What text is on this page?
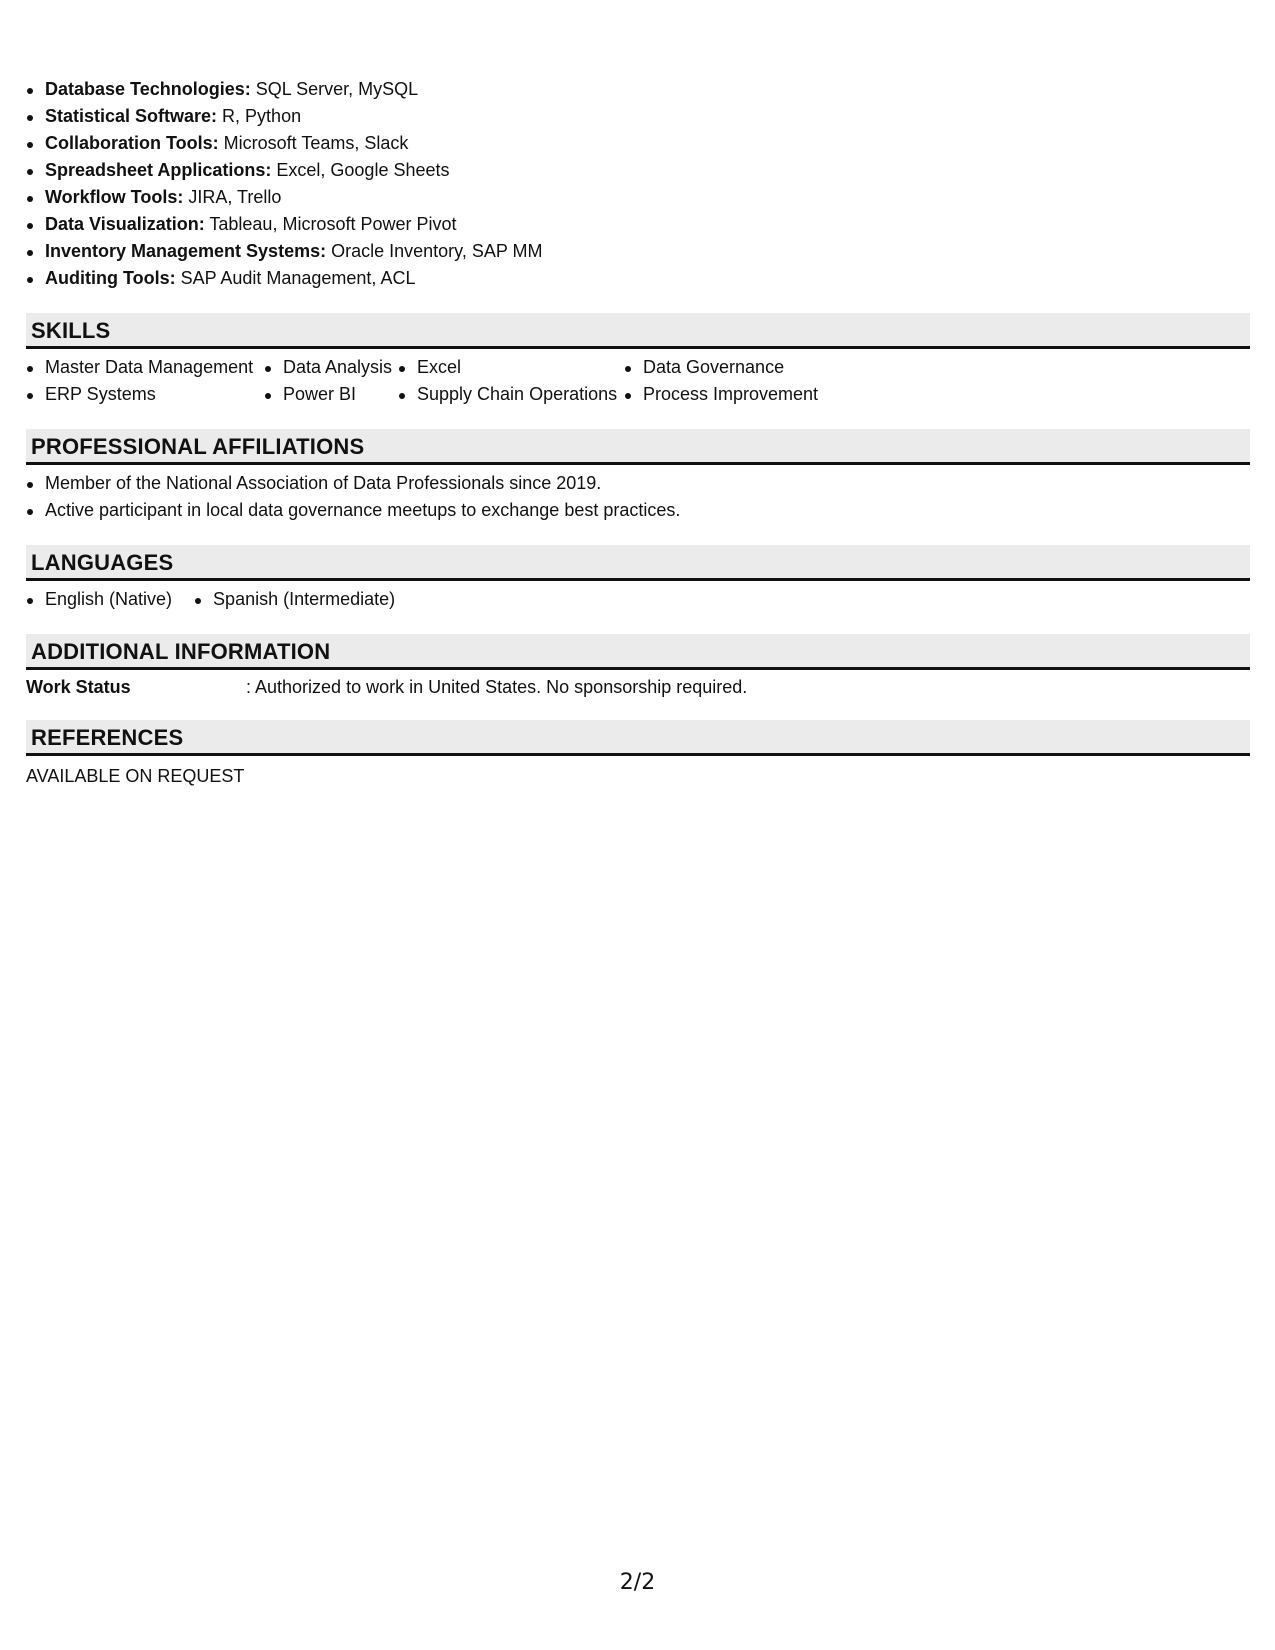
Database Technologies: SQL Server, MySQL
Statistical Software: R, Python
Collaboration Tools: Microsoft Teams, Slack
Spreadsheet Applications: Excel, Google Sheets
Workflow Tools: JIRA, Trello
Data Visualization: Tableau, Microsoft Power Pivot
Inventory Management Systems: Oracle Inventory, SAP MM
Auditing Tools: SAP Audit Management, ACL
SKILLS
Master Data Management
ERP Systems
Data Analysis
Power BI
Excel
Supply Chain Operations
Data Governance
Process Improvement
PROFESSIONAL AFFILIATIONS
Member of the National Association of Data Professionals since 2019.
Active participant in local data governance meetups to exchange best practices.
LANGUAGES
English (Native)	Spanish (Intermediate)
ADDITIONAL INFORMATION
Work Status	: Authorized to work in United States. No sponsorship required.
REFERENCES
AVAILABLE ON REQUEST
2/2
